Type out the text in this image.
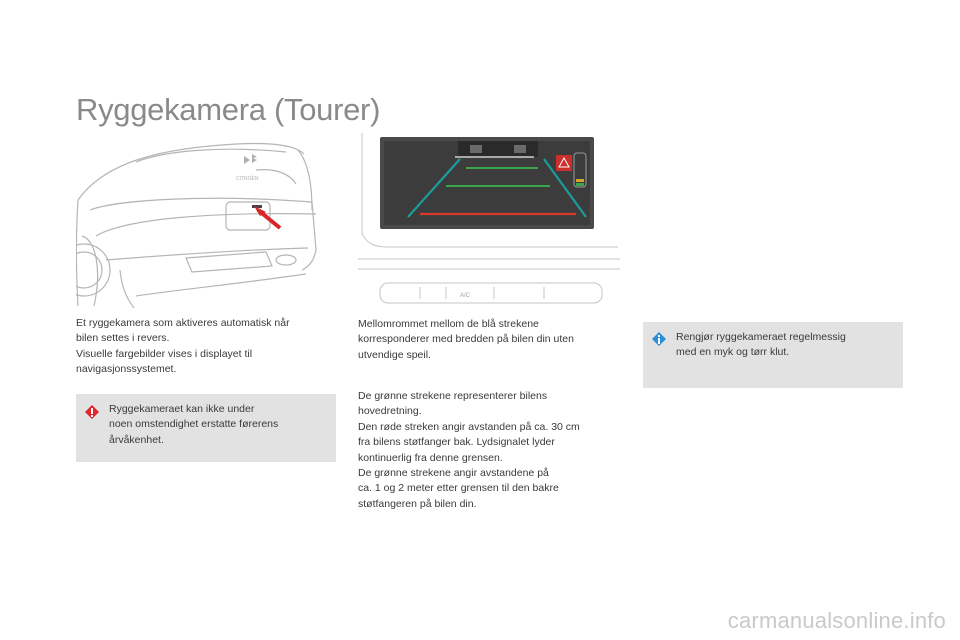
Ryggekamera (Tourer)
CITROËN
A/C

Et ryggekamera som aktiveres automatisk når
bilen settes i revers.
Visuelle fargebilder vises i displayet til
navigasjonssystemet.

Ryggekameraet kan ikke under
noen omstendighet erstatte førerens
årvåkenhet.

Mellomrommet mellom de blå strekene
korresponderer med bredden på bilen din uten
utvendige speil.

De grønne strekene representerer bilens
hovedretning.
Den røde streken angir avstanden på ca. 30 cm
fra bilens støtfanger bak. Lydsignalet lyder
kontinuerlig fra denne grensen.
De grønne strekene angir avstandene på
ca. 1 og 2 meter etter grensen til den bakre
støtfangeren på bilen din.

Rengjør ryggekameraet regelmessig
med en myk og tørr klut.
carmanualsonline.info
